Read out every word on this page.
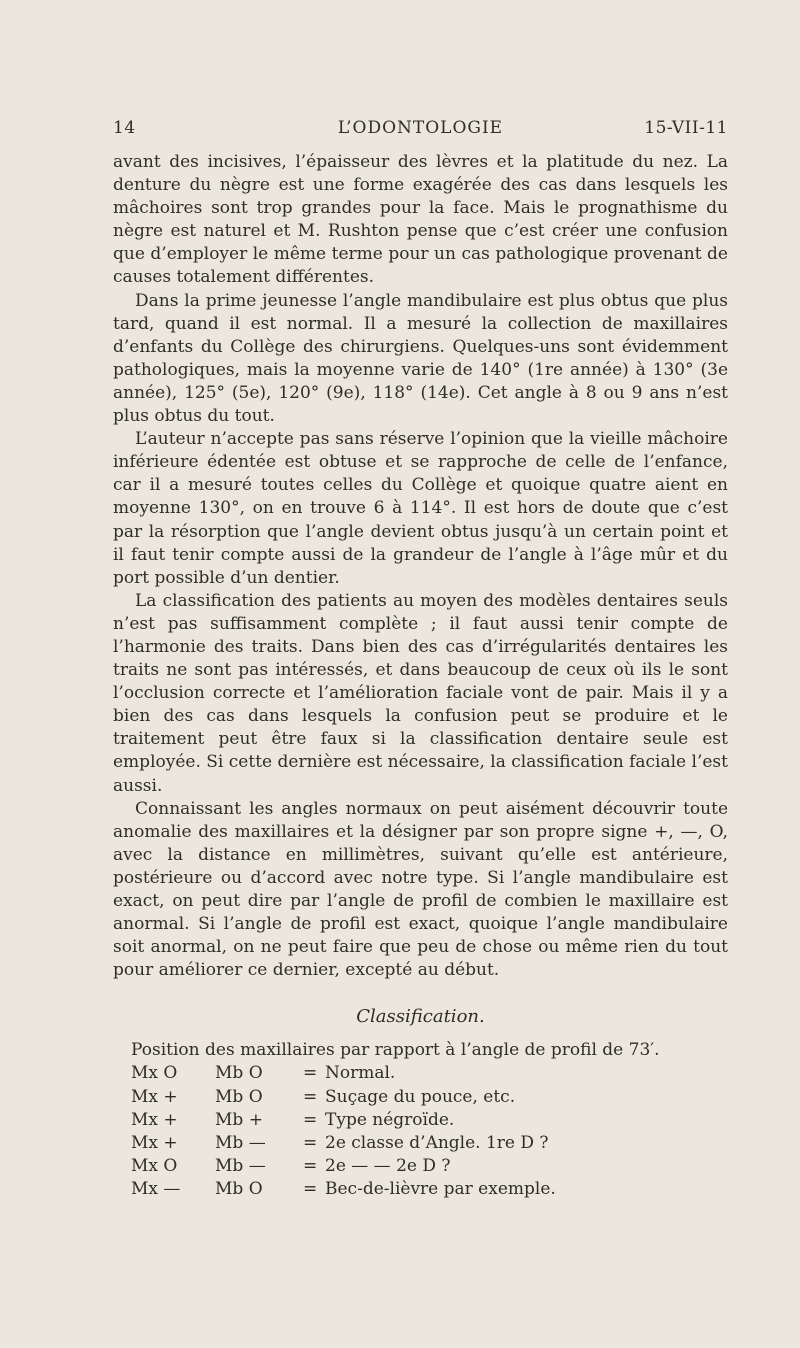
14	L’ODONTOLOGIE	15-VII-11

avant des incisives, l’épaisseur des lèvres et la platitude du nez. La denture du nègre est une forme exagérée des cas dans lesquels les mâchoires sont trop grandes pour la face. Mais le prognathisme du nègre est naturel et M. Rushton pense que c’est créer une confusion que d’employer le même terme pour un cas pathologique provenant de causes totalement différentes.

Dans la prime jeunesse l’angle mandibulaire est plus obtus que plus tard, quand il est normal. Il a mesuré la collection de maxillaires d’enfants du Collège des chirurgiens. Quelques-uns sont évidemment pathologiques, mais la moyenne varie de 140° (1re année) à 130° (3e année), 125° (5e), 120° (9e), 118° (14e). Cet angle à 8 ou 9 ans n’est plus obtus du tout.

L’auteur n’accepte pas sans réserve l’opinion que la vieille mâchoire inférieure édentée est obtuse et se rapproche de celle de l’enfance, car il a mesuré toutes celles du Collège et quoique quatre aient en moyenne 130°, on en trouve 6 à 114°. Il est hors de doute que c’est par la résorption que l’angle devient obtus jusqu’à un certain point et il faut tenir compte aussi de la grandeur de l’angle à l’âge mûr et du port possible d’un dentier.

La classification des patients au moyen des modèles dentaires seuls n’est pas suffisamment complète ; il faut aussi tenir compte de l’harmonie des traits. Dans bien des cas d’irrégularités dentaires les traits ne sont pas intéressés, et dans beaucoup de ceux où ils le sont l’occlusion correcte et l’amélioration faciale vont de pair. Mais il y a bien des cas dans lesquels la confusion peut se produire et le traitement peut être faux si la classification dentaire seule est employée. Si cette dernière est nécessaire, la classification faciale l’est aussi.

Connaissant les angles normaux on peut aisément découvrir toute anomalie des maxillaires et la désigner par son propre signe +, —, O, avec la distance en millimètres, suivant qu’elle est antérieure, postérieure ou d’accord avec notre type. Si l’angle mandibulaire est exact, on peut dire par l’angle de profil de combien le maxillaire est anormal. Si l’angle de profil est exact, quoique l’angle mandibulaire soit anormal, on ne peut faire que peu de chose ou même rien du tout pour améliorer ce dernier, excepté au début.

Classification.
Position des maxillaires par rapport à l’angle de profil de 73′.
Mx O	Mb O	= Normal.
Mx +	Mb O	= Suçage du pouce, etc.
Mx +	Mb +	= Type négroïde.
Mx +	Mb —	= 2e classe d’Angle. 1re D ?
Mx O	Mb —	= 2e — — 2e D ?
Mx —	Mb O	= Bec-de-lièvre par exemple.
